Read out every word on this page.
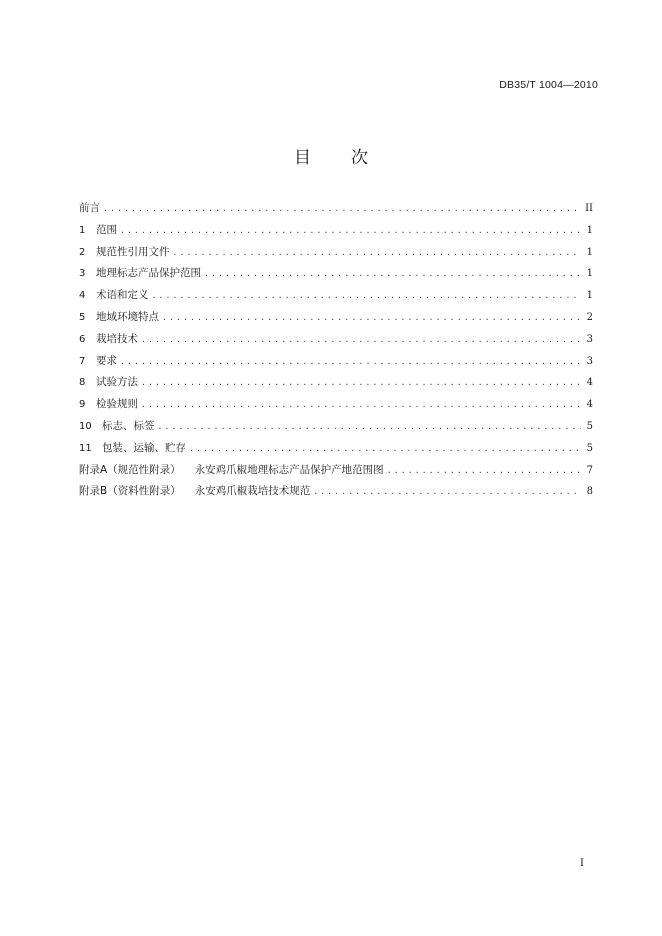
DB35/T 1004—2010
目 次
前言 .....	II
1	范围 .....	1
2	规范性引用文件 .....	1
3	地理标志产品保护范围 .....	1
4	术语和定义 .....	1
5	地域环境特点 .....	2
6	栽培技术 .....	3
7	要求 .....	3
8	试验方法 .....	4
9	检验规则 .....	4
10 标志、标签 .....	5
11 包装、运输、贮存 .....	5
附录A（规范性附录） 永安鸡爪椒地理标志产品保护产地范围图 .....	7
附录B（资料性附录） 永安鸡爪椒栽培技术规范 .....	8
I
